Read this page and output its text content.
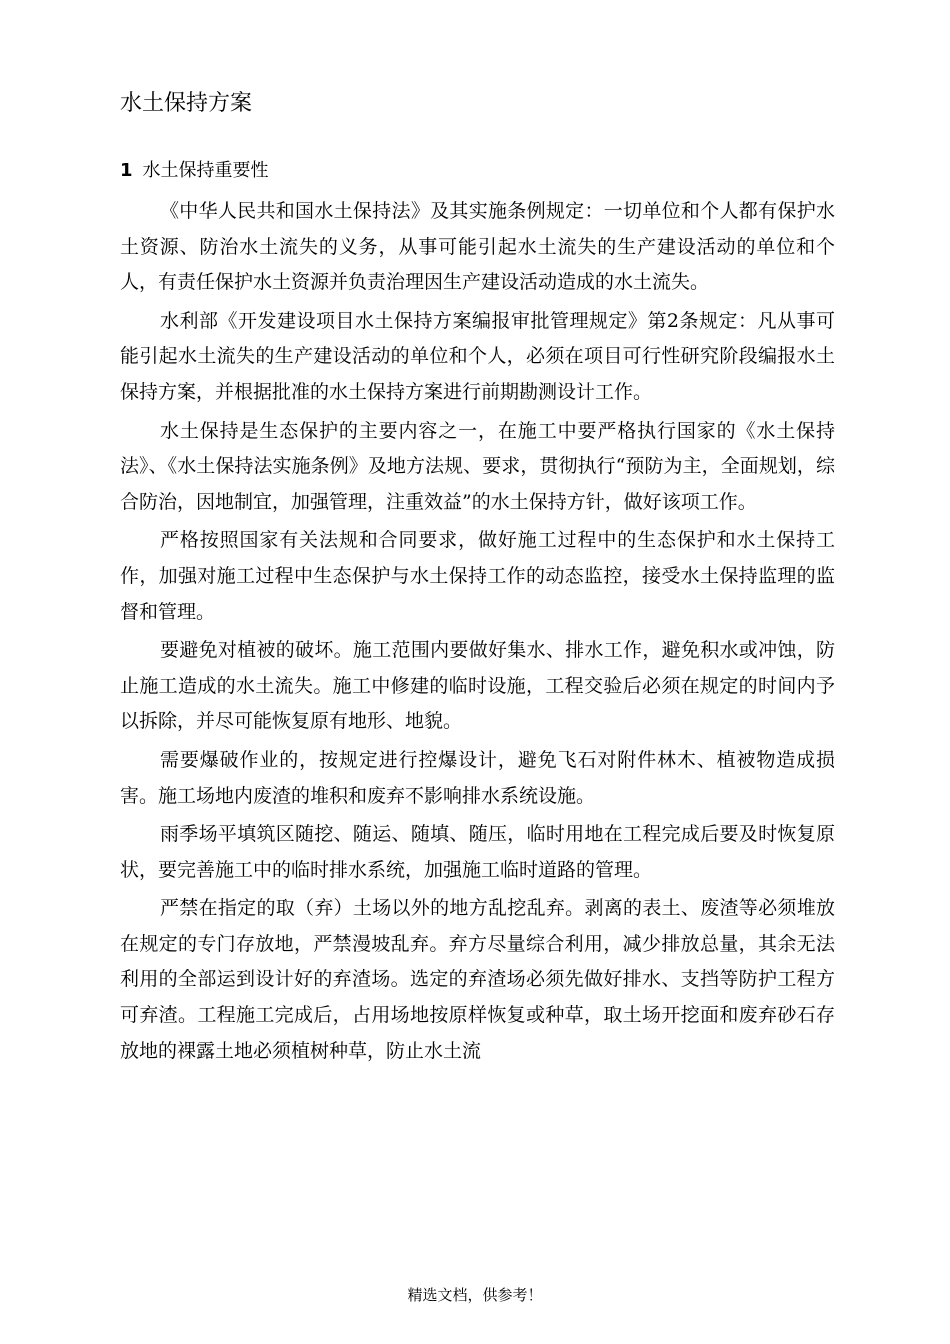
水土保持方案
1 水土保持重要性

《中华人民共和国水土保持法》及其实施条例规定：一切单位和个人都有保护水土资源、防治水土流失的义务，从事可能引起水土流失的生产建设活动的单位和个人，有责任保护水土资源并负责治理因生产建设活动造成的水土流失。

水利部《开发建设项目水土保持方案编报审批管理规定》第2条规定：凡从事可能引起水土流失的生产建设活动的单位和个人，必须在项目可行性研究阶段编报水土保持方案，并根据批准的水土保持方案进行前期勘测设计工作。

水土保持是生态保护的主要内容之一，在施工中要严格执行国家的《水土保持法》、《水土保持法实施条例》及地方法规、要求，贯彻执行“预防为主，全面规划，综合防治，因地制宜，加强管理，注重效益”的水土保持方针，做好该项工作。

严格按照国家有关法规和合同要求，做好施工过程中的生态保护和水土保持工作，加强对施工过程中生态保护与水土保持工作的动态监控，接受水土保持监理的监督和管理。

要避免对植被的破坏。施工范围内要做好集水、排水工作，避免积水或冲蚀，防止施工造成的水土流失。施工中修建的临时设施，工程交验后必须在规定的时间内予以拆除，并尽可能恢复原有地形、地貌。

需要爆破作业的，按规定进行控爆设计，避免飞石对附件林木、植被物造成损害。施工场地内废渣的堆积和废弃不影响排水系统设施。

雨季场平填筑区随挖、随运、随填、随压，临时用地在工程完成后要及时恢复原状，要完善施工中的临时排水系统，加强施工临时道路的管理。

严禁在指定的取（弃）土场以外的地方乱挖乱弃。剥离的表土、废渣等必须堆放在规定的专门存放地，严禁漫坡乱弃。弃方尽量综合利用，减少排放总量，其余无法利用的全部运到设计好的弃渣场。选定的弃渣场必须先做好排水、支挡等防护工程方可弃渣。工程施工完成后，占用场地按原样恢复或种草，取土场开挖面和废弃砂石存放地的裸露土地必须植树种草，防止水土流

精选文档，供参考！
